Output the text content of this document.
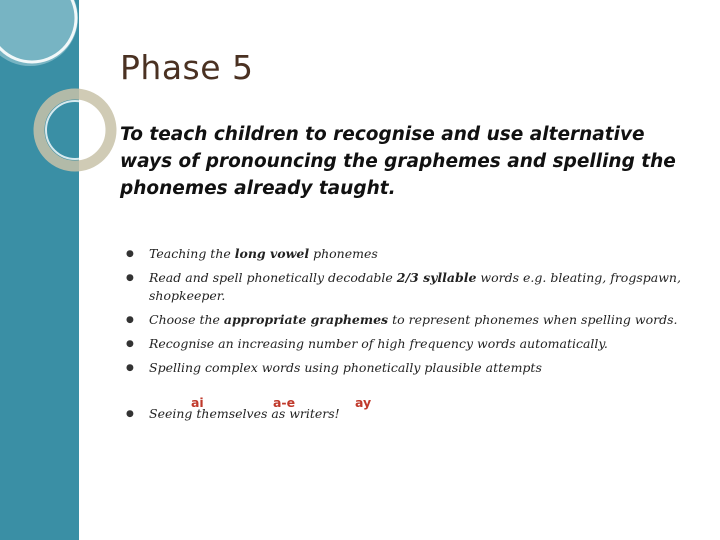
Phase 5
To teach children to recognise and use alternative ways of pronouncing the graphemes and spelling the phonemes already taught.
● Teaching the long vowel phonemes
● Read and spell phonetically decodable 2/3 syllable words e.g. bleating, frogspawn, shopkeeper.
● Choose the appropriate graphemes to represent phonemes when spelling words.
● Recognise an increasing number of high frequency words automatically.
● Spelling complex words using phonetically plausible attempts
● Seeing themselves as writers!
ai	a-e	ay
